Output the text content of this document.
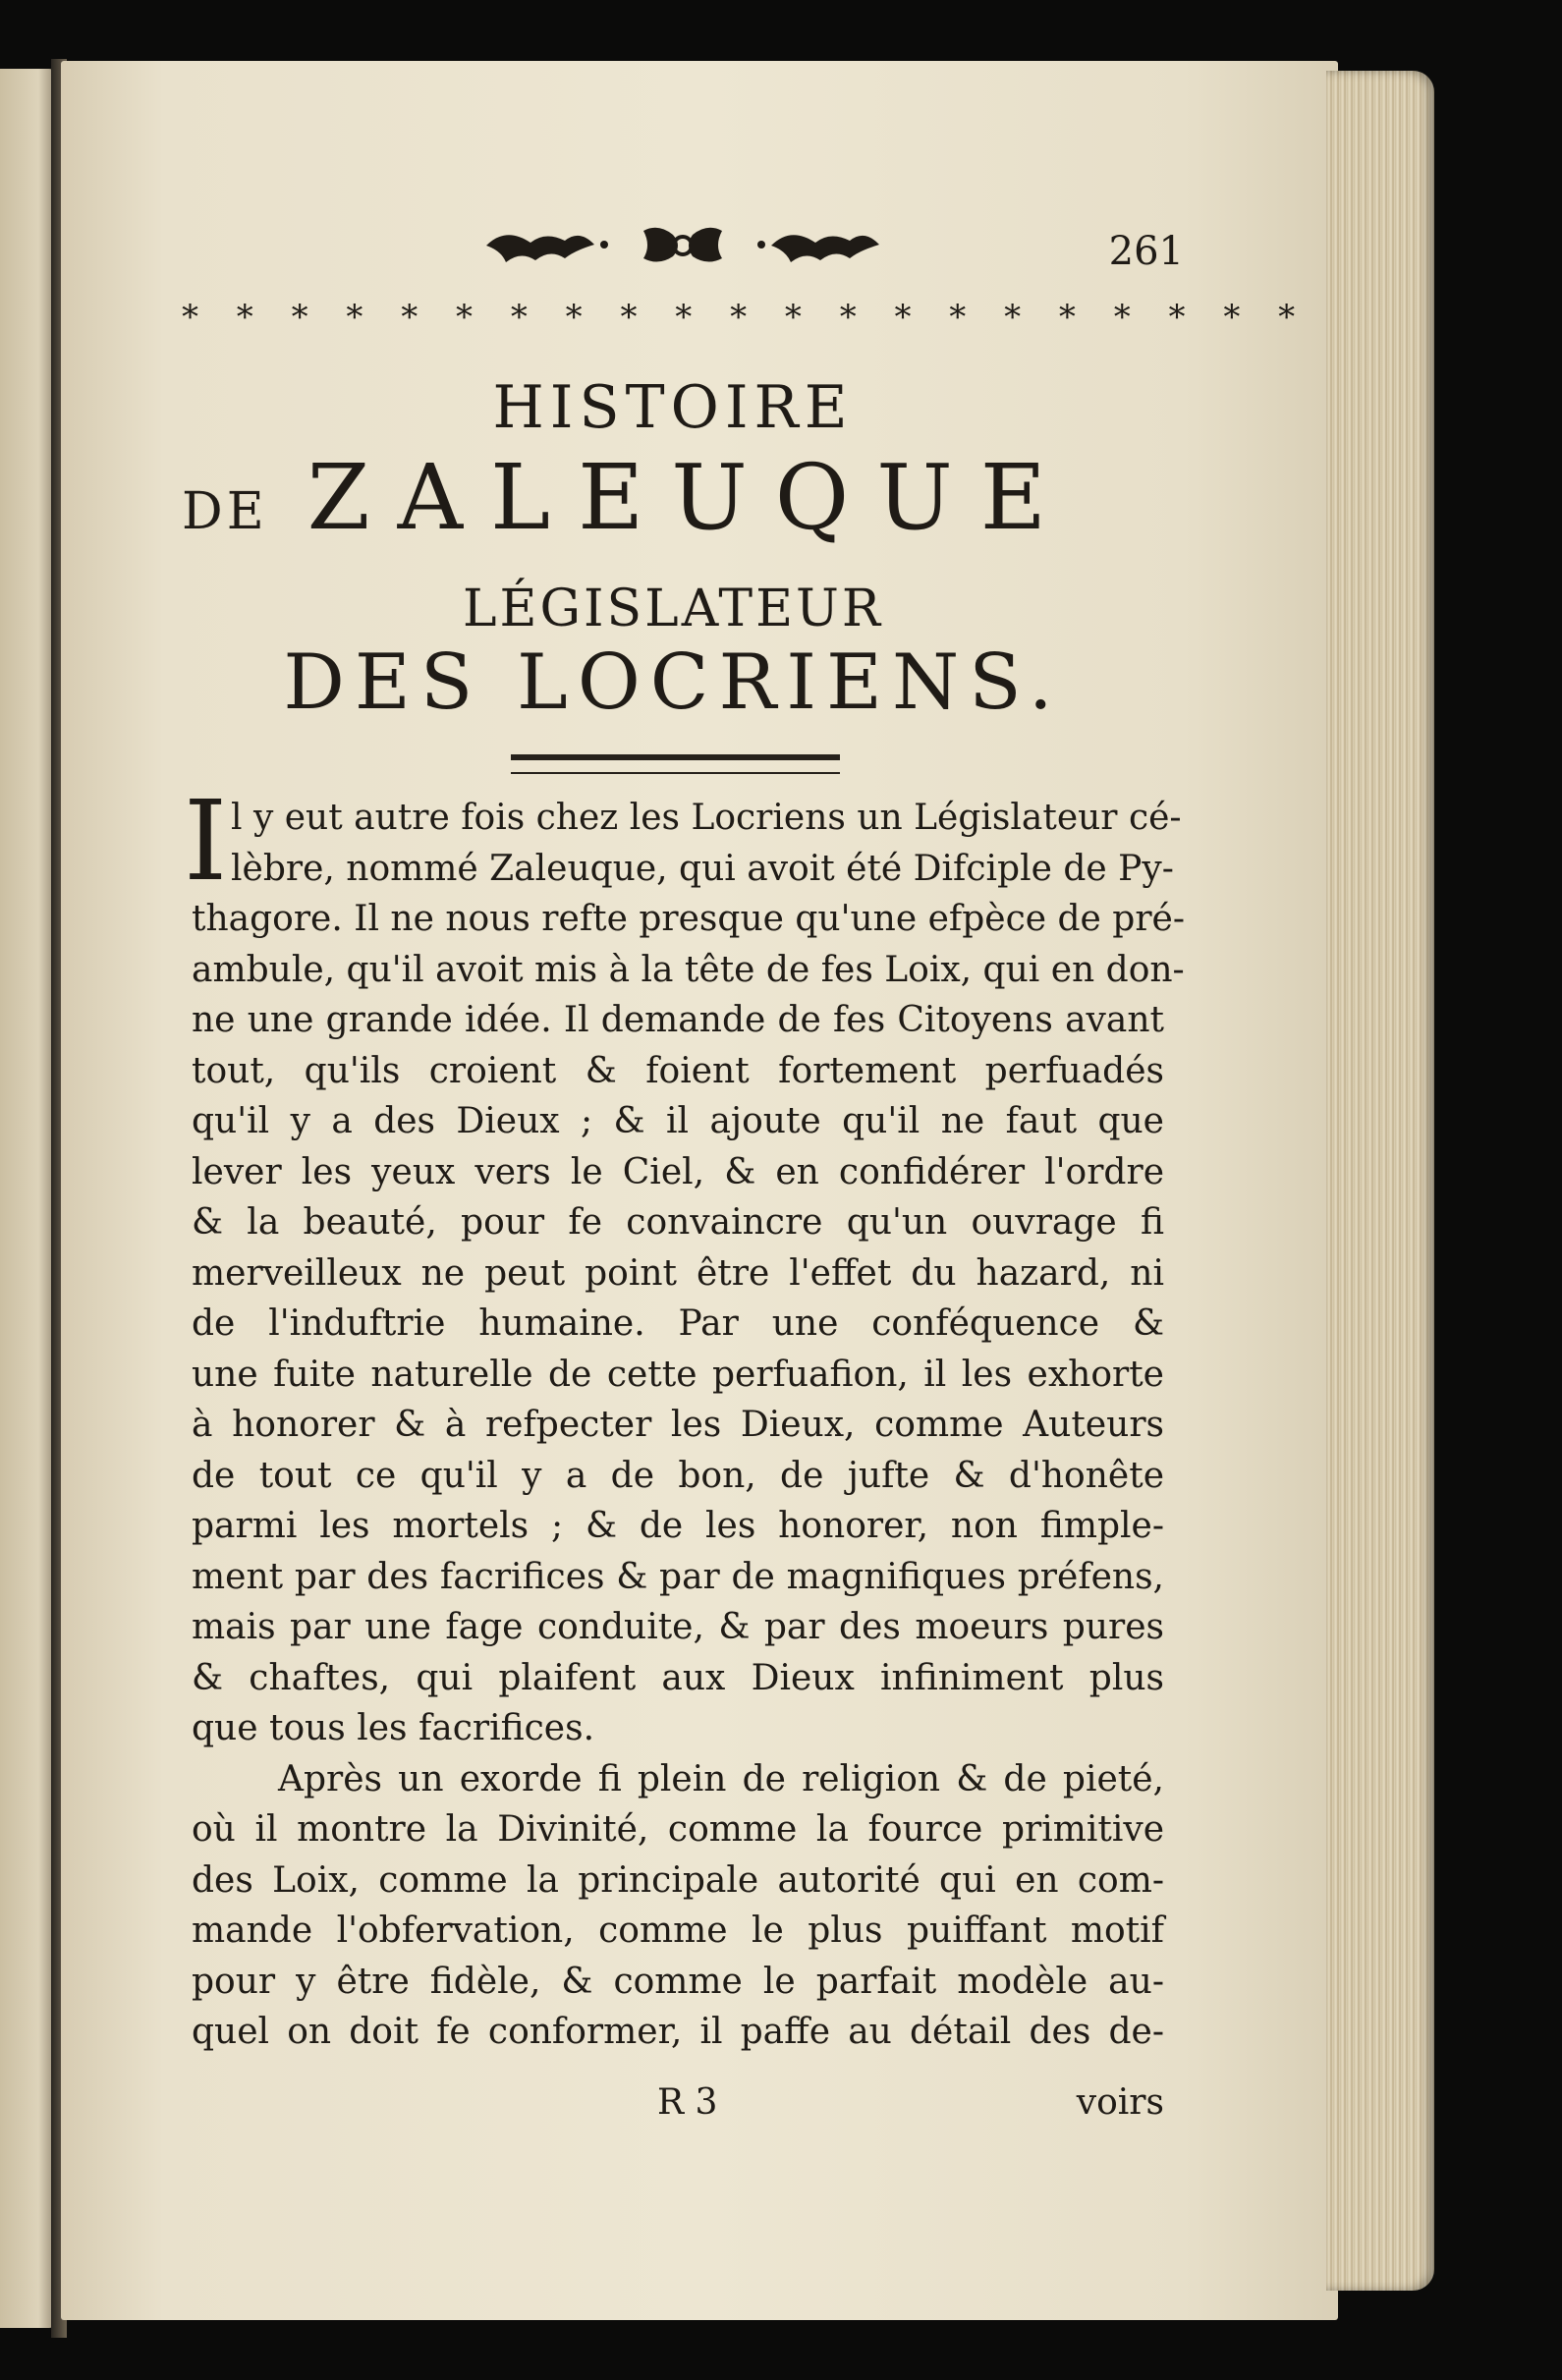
261
* * * * * * * * * * * * * * * * * * * * *
HISTOIRE
DE ZALEUQUE
LÉGISLATEUR
DES LOCRIENS.
I l y eut autre fois chez les Locriens un Législateur cé-
lèbre, nommé Zaleuque, qui avoit été Difciple de Py-
thagore. Il ne nous refte presque qu'une efpèce de pré-
ambule, qu'il avoit mis à la tête de fes Loix, qui en don-
ne une grande idée. Il demande de fes Citoyens avant
tout, qu'ils croient & foient fortement perfuadés
qu'il y a des Dieux ; & il ajoute qu'il ne faut que
lever les yeux vers le Ciel, & en confidérer l'ordre
& la beauté, pour fe convaincre qu'un ouvrage fi
merveilleux ne peut point être l'effet du hazard, ni
de l'induftrie humaine. Par une conféquence &
une fuite naturelle de cette perfuafion, il les exhorte
à honorer & à refpecter les Dieux, comme Auteurs
de tout ce qu'il y a de bon, de jufte & d'honête
parmi les mortels ; & de les honorer, non fimple-
ment par des facrifices & par de magnifiques préfens,
mais par une fage conduite, & par des moeurs pures
& chaftes, qui plaifent aux Dieux infiniment plus
que tous les facrifices.
Après un exorde fi plein de religion & de pieté,
où il montre la Divinité, comme la fource primitive
des Loix, comme la principale autorité qui en com-
mande l'obfervation, comme le plus puiffant motif
pour y être fidèle, & comme le parfait modèle au-
quel on doit fe conformer, il paffe au détail des de-
R 3	voirs
